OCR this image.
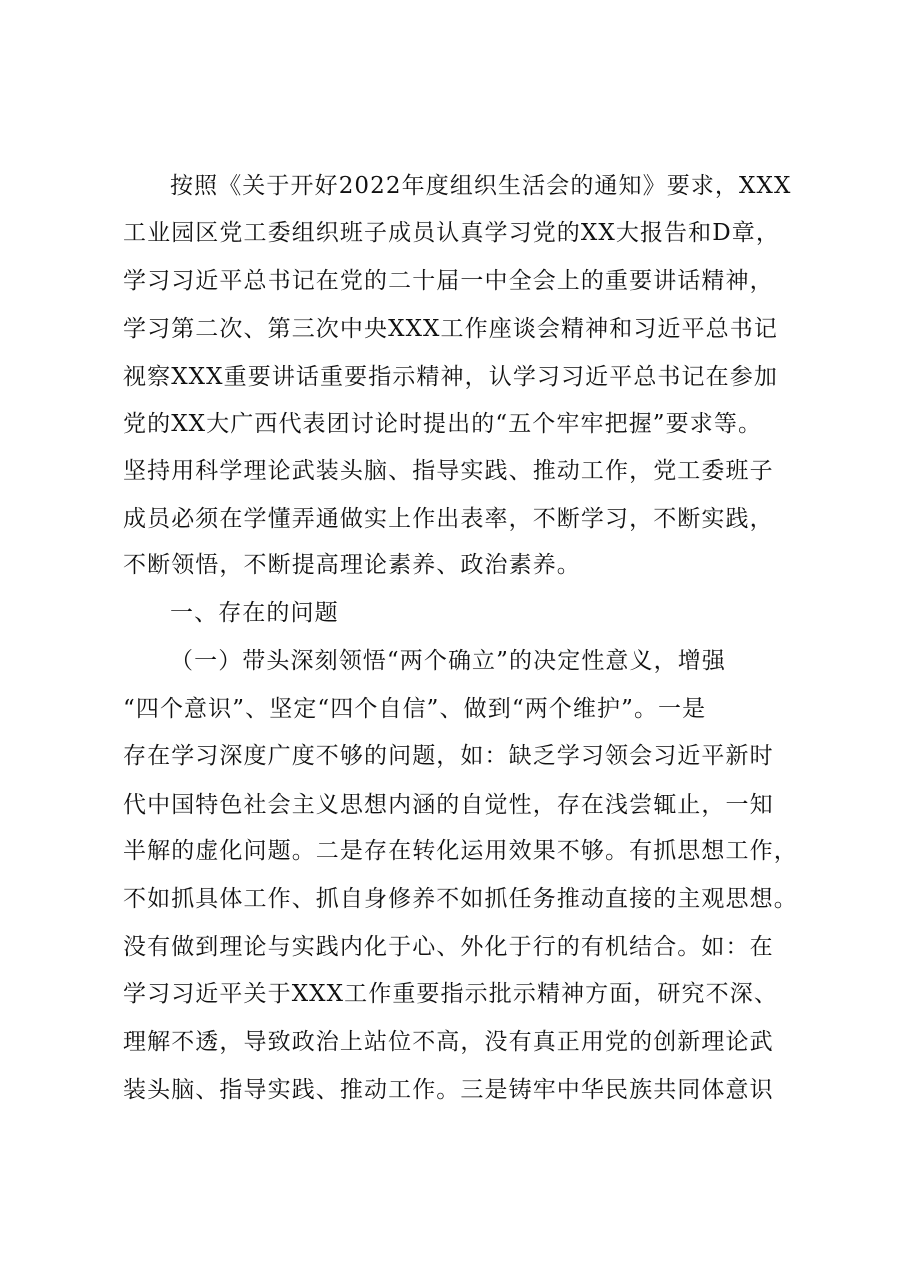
按照《关于开好2022年度组织生活会的通知》要求，XXX
工业园区党工委组织班子成员认真学习党的XX大报告和D章，
学习习近平总书记在党的二十届一中全会上的重要讲话精神，
学习第二次、第三次中央XXX工作座谈会精神和习近平总书记
视察XXX重要讲话重要指示精神，认学习习近平总书记在参加
党的XX大广西代表团讨论时提出的“五个牢牢把握”要求等。
坚持用科学理论武装头脑、指导实践、推动工作，党工委班子
成员必须在学懂弄通做实上作出表率，不断学习，不断实践，
不断领悟，不断提高理论素养、政治素养。
一、存在的问题
（一）带头深刻领悟“两个确立”的决定性意义，增强
“四个意识”、坚定“四个自信”、做到“两个维护”。一是
存在学习深度广度不够的问题，如：缺乏学习领会习近平新时
代中国特色社会主义思想内涵的自觉性，存在浅尝辄止，一知
半解的虚化问题。二是存在转化运用效果不够。有抓思想工作，
不如抓具体工作、抓自身修养不如抓任务推动直接的主观思想。
没有做到理论与实践内化于心、外化于行的有机结合。如：在
学习习近平关于XXX工作重要指示批示精神方面，研究不深、
理解不透，导致政治上站位不高，没有真正用党的创新理论武
装头脑、指导实践、推动工作。三是铸牢中华民族共同体意识
